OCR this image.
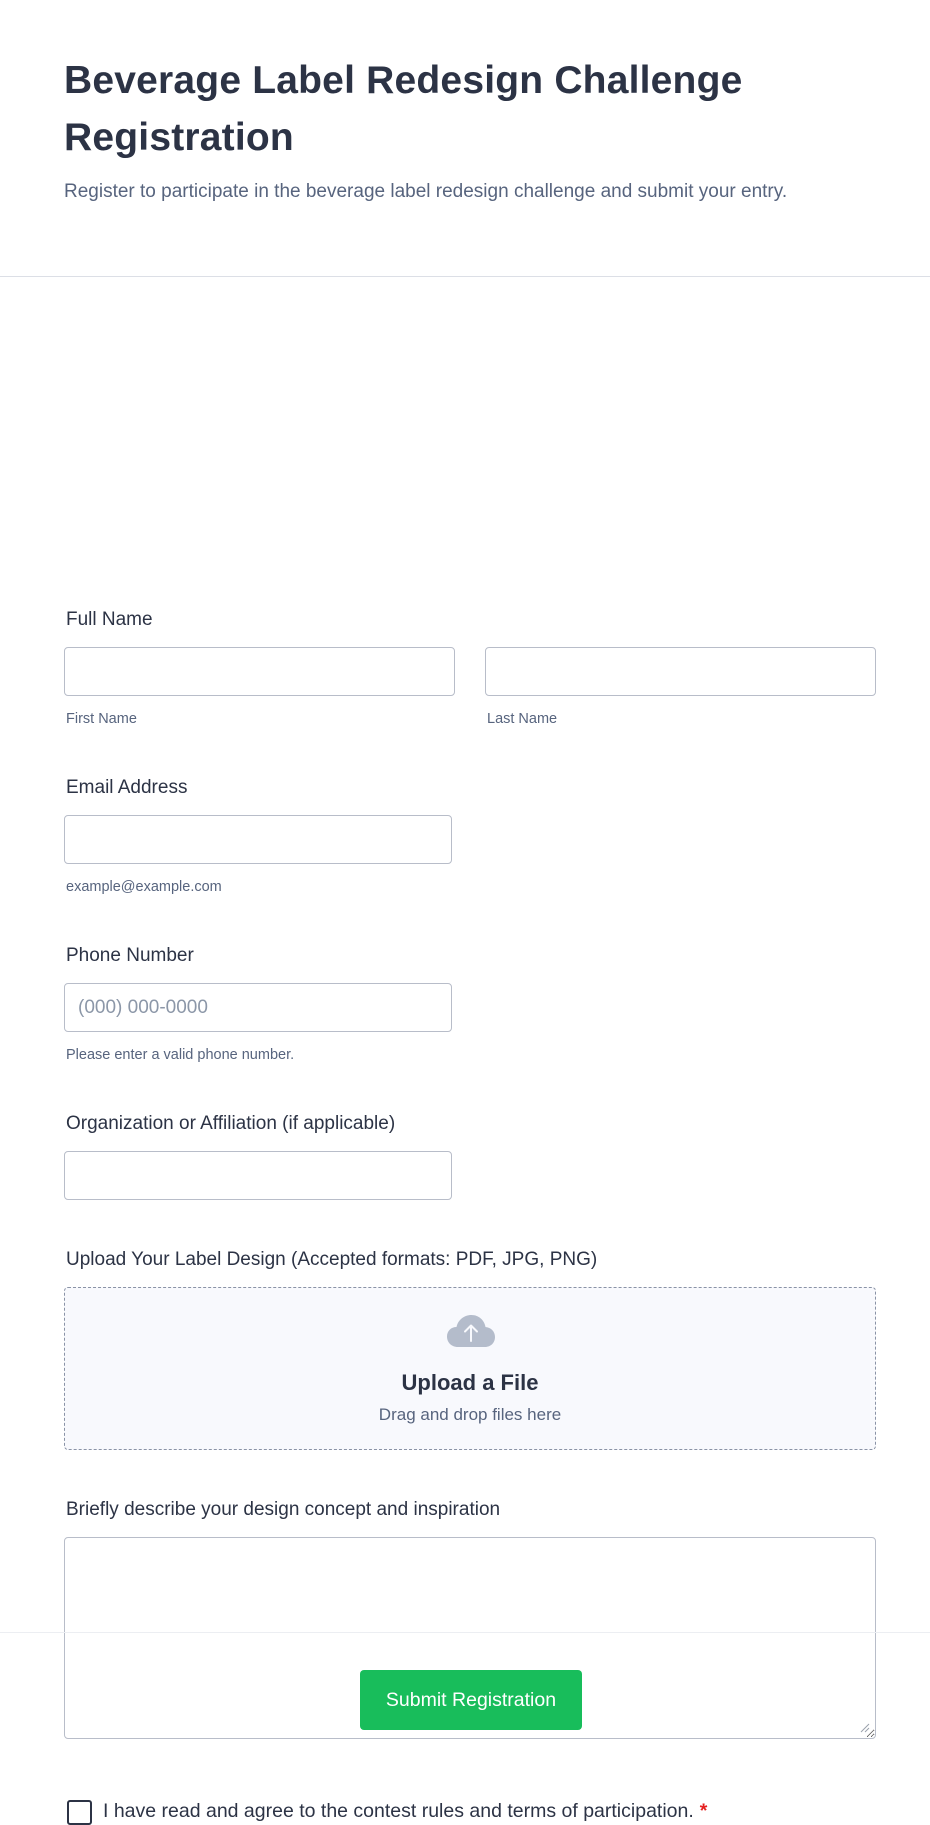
Beverage Label Redesign Challenge Registration

Register to participate in the beverage label redesign challenge and submit your entry.

Full Name
First Name	Last Name
Email Address
example@example.com
Phone Number
(000) 000-0000
Please enter a valid phone number.
Organization or Affiliation (if applicable)
Upload Your Label Design (Accepted formats: PDF, JPG, PNG)
Upload a File
Drag and drop files here
Briefly describe your design concept and inspiration
I have read and agree to the contest rules and terms of participation. *
Submit Registration
